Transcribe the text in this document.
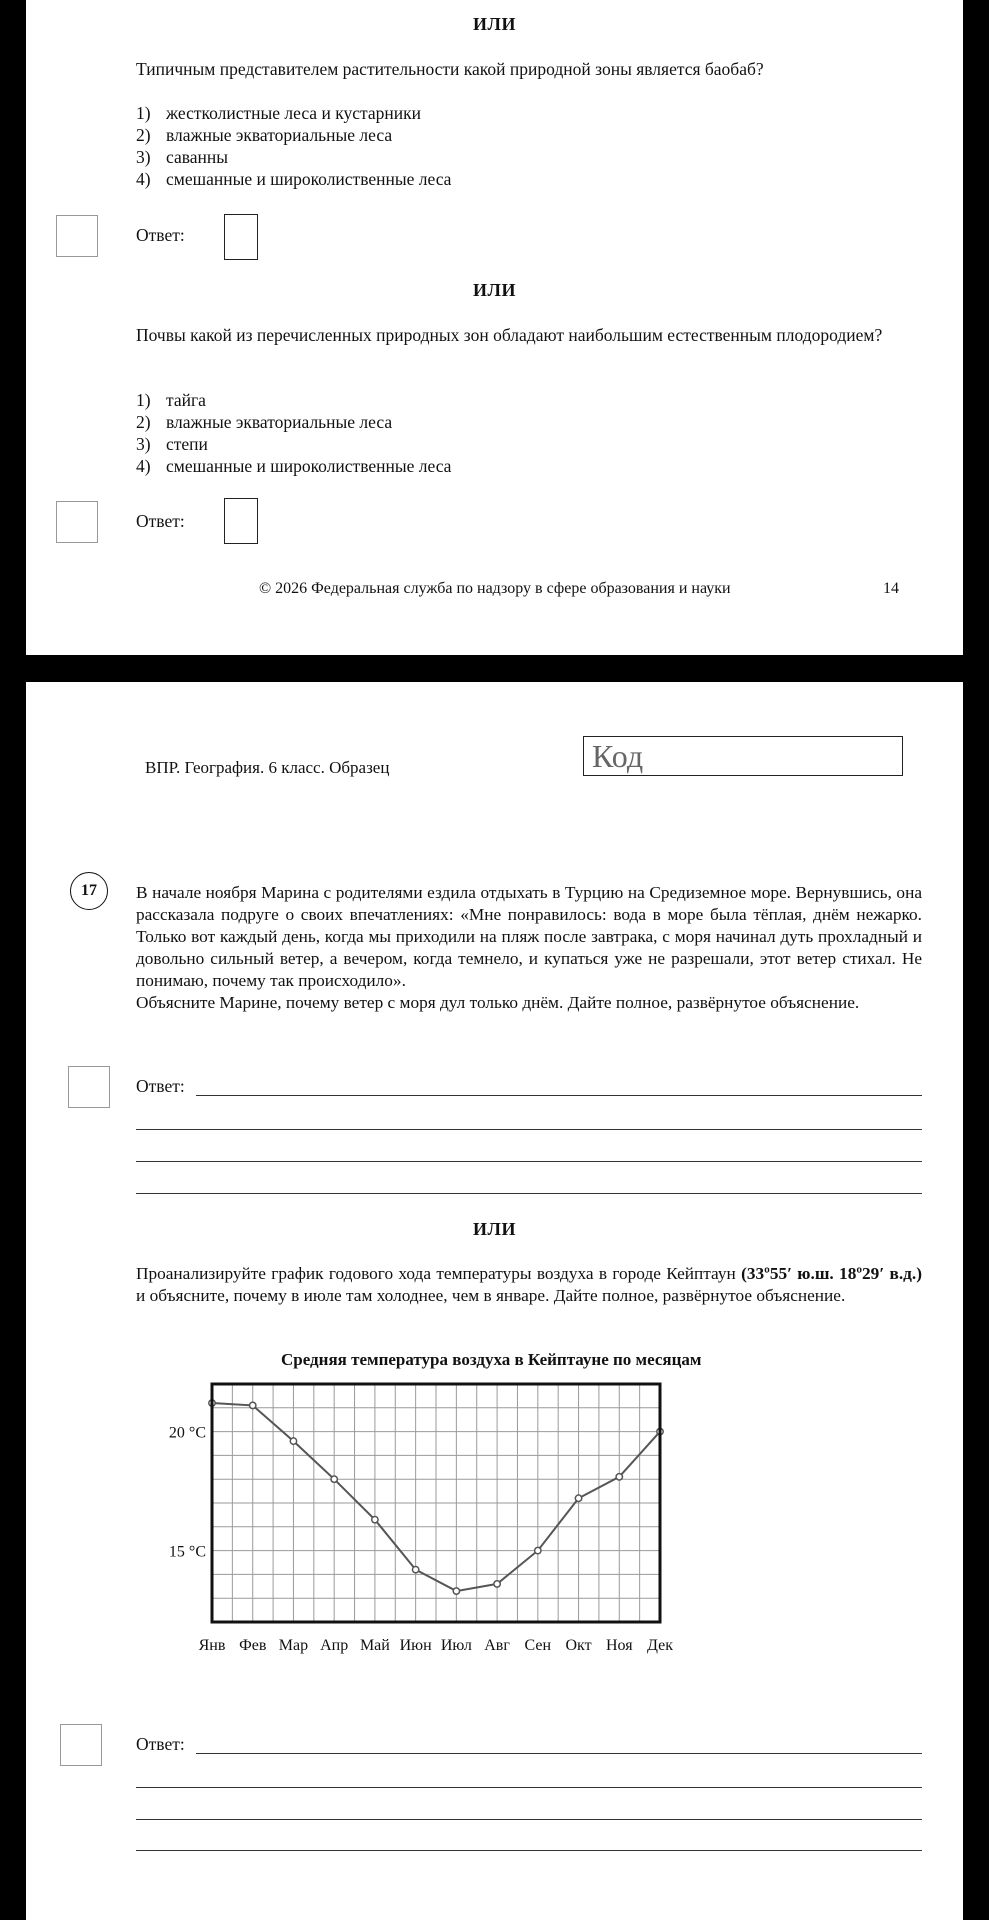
ИЛИ
Типичным представителем растительности какой природной зоны является баобаб?
1) жестколистные леса и кустарники
2) влажные экваториальные леса
3) саванны
4) смешанные и широколиственные леса
Ответ:
ИЛИ
Почвы какой из перечисленных природных зон обладают наибольшим естественным плодородием?
1) тайга
2) влажные экваториальные леса
3) степи
4) смешанные и широколиственные леса
Ответ:
© 2026 Федеральная служба по надзору в сфере образования и науки	14
ВПР. География. 6 класс. Образец	Код
17	В начале ноября Марина с родителями ездила отдыхать в Турцию на Средиземное море. Вернувшись, она рассказала подруге о своих впечатлениях: «Мне понравилось: вода в море была тёплая, днём нежарко. Только вот каждый день, когда мы приходили на пляж после завтрака, с моря начинал дуть прохладный и довольно сильный ветер, а вечером, когда темнело, и купаться уже не разрешали, этот ветер стихал. Не понимаю, почему так происходило».
Объясните Марине, почему ветер с моря дул только днём. Дайте полное, развёрнутое объяснение.
Ответ:
ИЛИ
Проанализируйте график годового хода температуры воздуха в городе Кейптаун (33º55′ ю.ш. 18º29′ в.д.) и объясните, почему в июле там холоднее, чем в январе. Дайте полное, развёрнутое объяснение.
Средняя температура воздуха в Кейптауне по месяцам
20 °C
15 °C
Янв Фев Мар Апр Май Июн Июл Авг Сен Окт Ноя Дек
Ответ:
